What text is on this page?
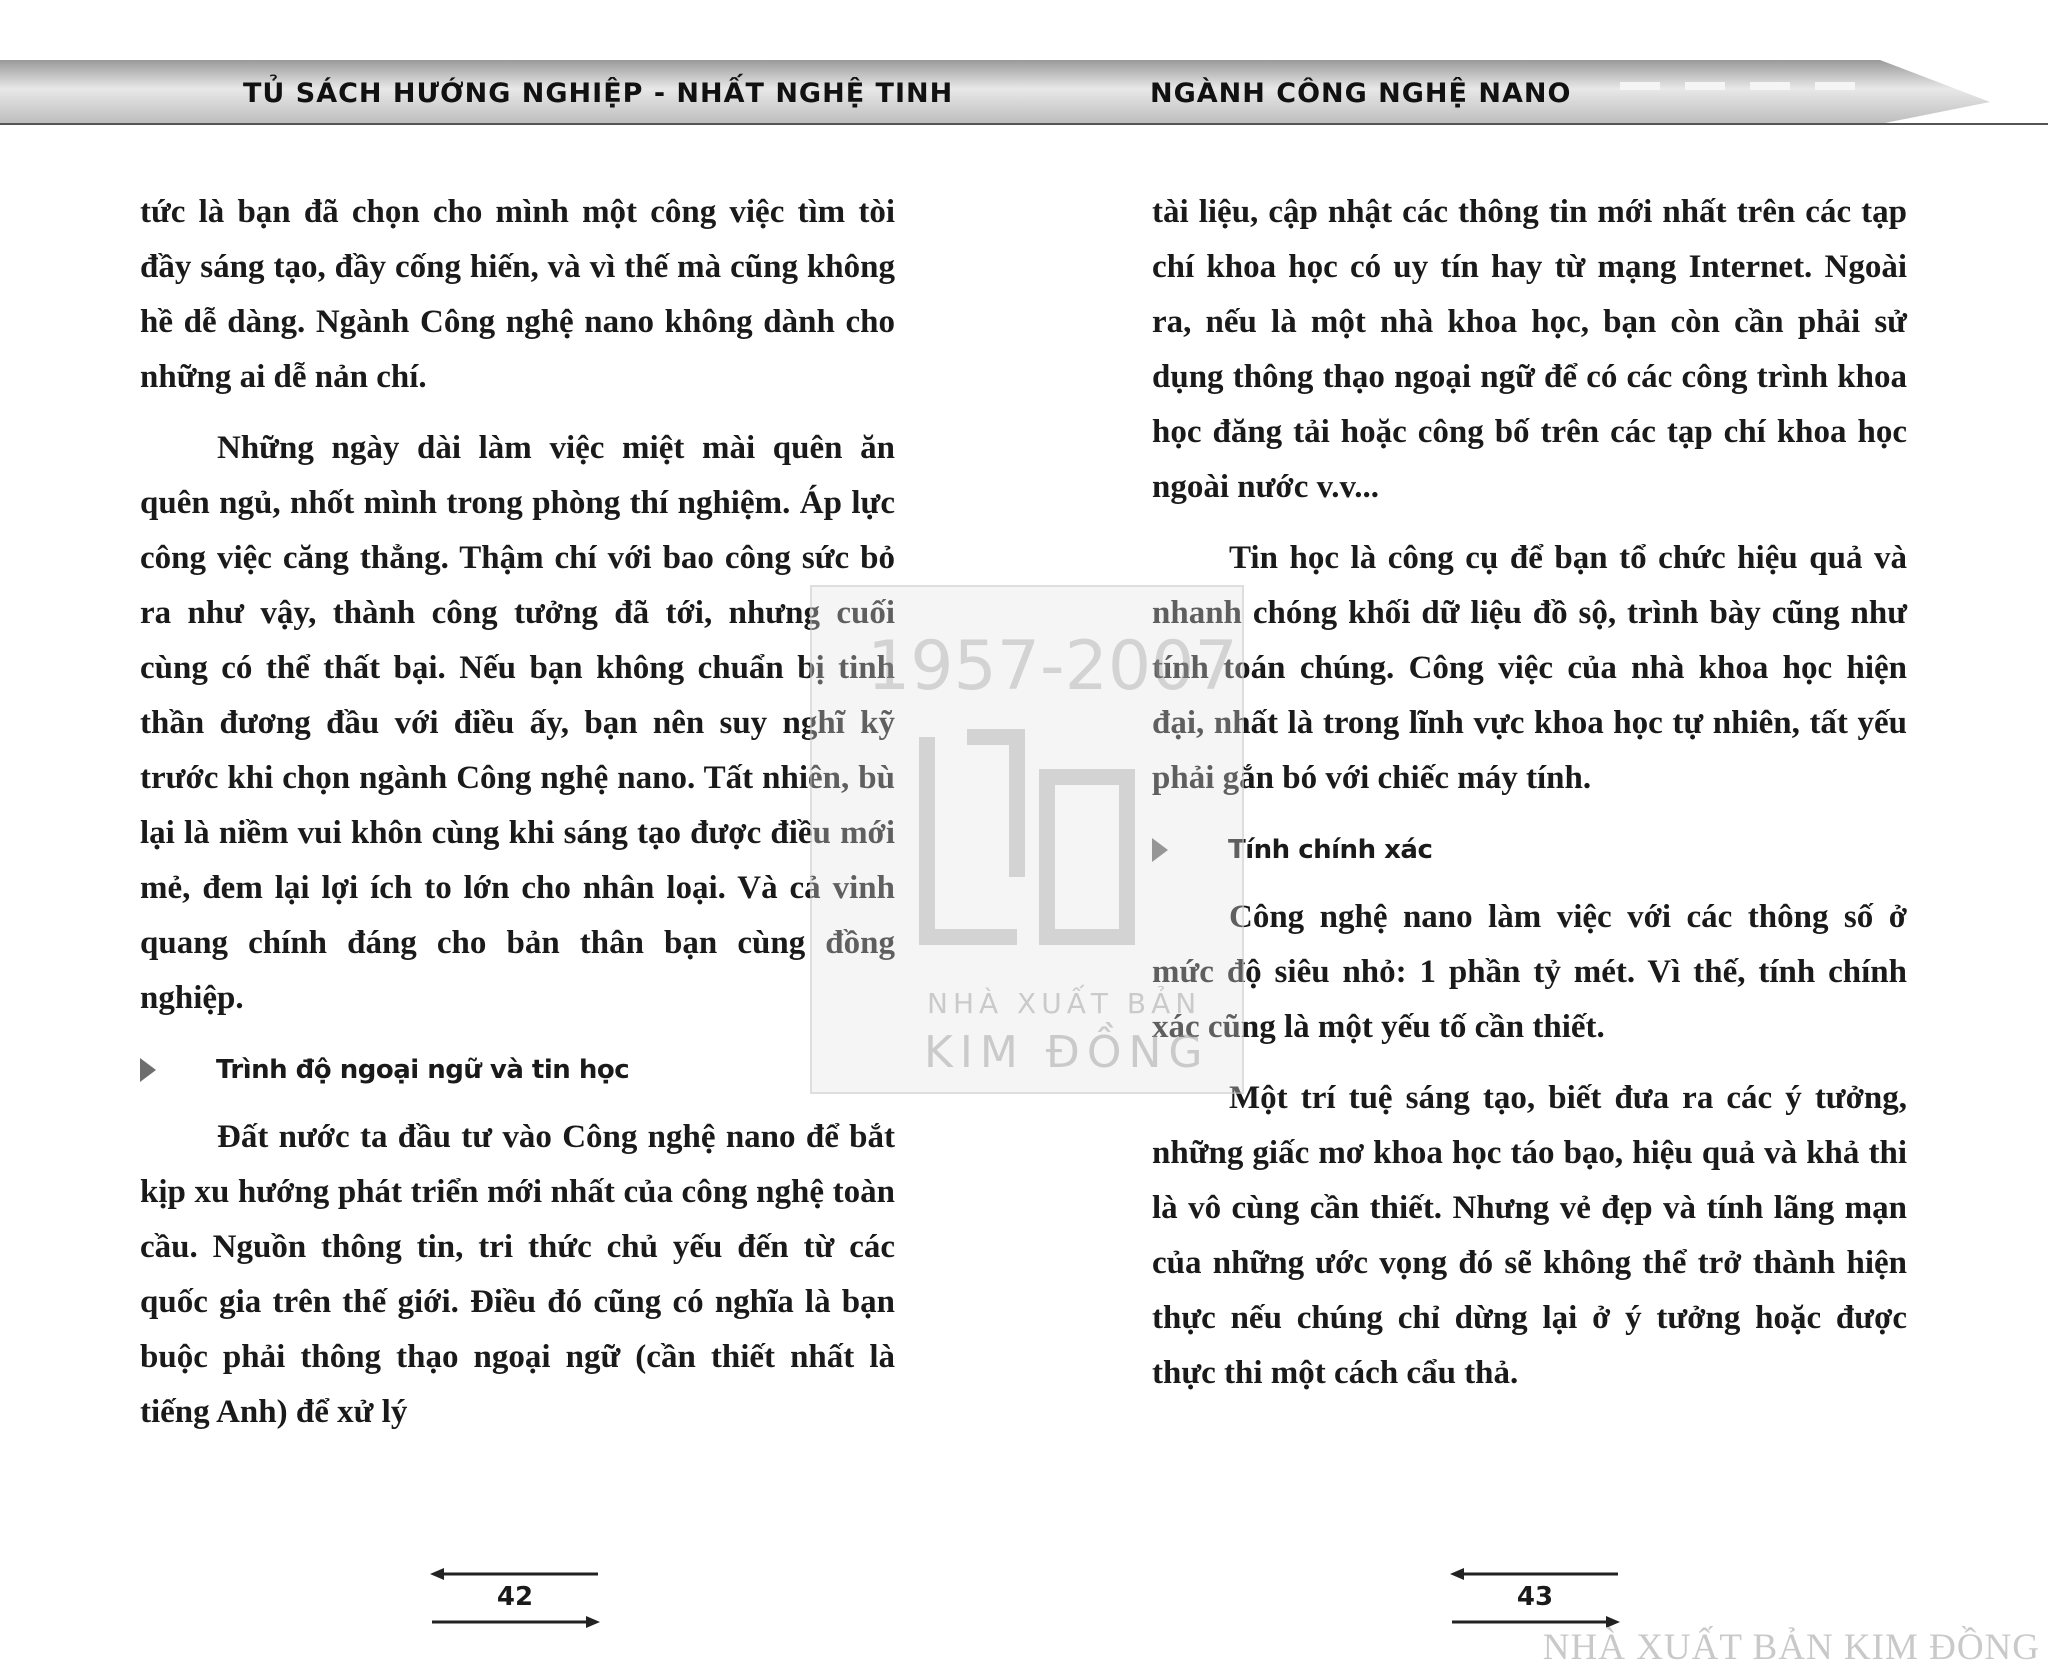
TỦ SÁCH HƯỚNG NGHIỆP - NHẤT NGHỆ TINH	NGÀNH CÔNG NGHỆ NANO

tức là bạn đã chọn cho mình một công việc tìm tòi đầy sáng tạo, đầy cống hiến, và vì thế mà cũng không hề dễ dàng. Ngành Công nghệ nano không dành cho những ai dễ nản chí.

Những ngày dài làm việc miệt mài quên ăn quên ngủ, nhốt mình trong phòng thí nghiệm. Áp lực công việc căng thẳng. Thậm chí với bao công sức bỏ ra như vậy, thành công tưởng đã tới, nhưng cuối cùng có thể thất bại. Nếu bạn không chuẩn bị tinh thần đương đầu với điều ấy, bạn nên suy nghĩ kỹ trước khi chọn ngành Công nghệ nano. Tất nhiên, bù lại là niềm vui khôn cùng khi sáng tạo được điều mới mẻ, đem lại lợi ích to lớn cho nhân loại. Và cả vinh quang chính đáng cho bản thân bạn cùng đồng nghiệp.

Trình độ ngoại ngữ và tin học

Đất nước ta đầu tư vào Công nghệ nano để bắt kịp xu hướng phát triển mới nhất của công nghệ toàn cầu. Nguồn thông tin, tri thức chủ yếu đến từ các quốc gia trên thế giới. Điều đó cũng có nghĩa là bạn buộc phải thông thạo ngoại ngữ (cần thiết nhất là tiếng Anh) để xử lý

tài liệu, cập nhật các thông tin mới nhất trên các tạp chí khoa học có uy tín hay từ mạng Internet. Ngoài ra, nếu là một nhà khoa học, bạn còn cần phải sử dụng thông thạo ngoại ngữ để có các công trình khoa học đăng tải hoặc công bố trên các tạp chí khoa học ngoài nước v.v...

Tin học là công cụ để bạn tổ chức hiệu quả và nhanh chóng khối dữ liệu đồ sộ, trình bày cũng như tính toán chúng. Công việc của nhà khoa học hiện đại, nhất là trong lĩnh vực khoa học tự nhiên, tất yếu phải gắn bó với chiếc máy tính.

Tính chính xác

Công nghệ nano làm việc với các thông số ở mức độ siêu nhỏ: 1 phần tỷ mét. Vì thế, tính chính xác cũng là một yếu tố cần thiết.

Một trí tuệ sáng tạo, biết đưa ra các ý tưởng, những giấc mơ khoa học táo bạo, hiệu quả và khả thi là vô cùng cần thiết. Nhưng vẻ đẹp và tính lãng mạn của những ước vọng đó sẽ không thể trở thành hiện thực nếu chúng chỉ dừng lại ở ý tưởng hoặc được thực thi một cách cẩu thả.

42	43
1957-2007
NHÀ XUẤT BẢN
KIM ĐỒNG
NHÀ XUẤT BẢN KIM ĐỒNG
